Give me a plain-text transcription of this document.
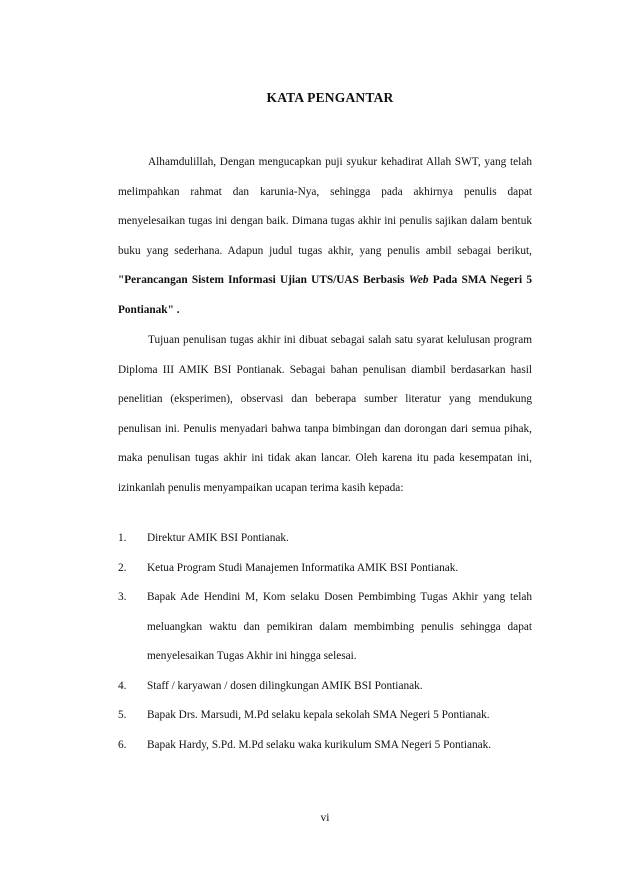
KATA PENGANTAR

Alhamdulillah, Dengan mengucapkan puji syukur kehadirat Allah SWT, yang telah melimpahkan rahmat dan karunia-Nya, sehingga pada akhirnya penulis dapat menyelesaikan tugas ini dengan baik. Dimana tugas akhir ini penulis sajikan dalam bentuk buku yang sederhana. Adapun judul tugas akhir, yang penulis ambil sebagai berikut, "Perancangan Sistem Informasi Ujian UTS/UAS Berbasis Web Pada SMA Negeri 5 Pontianak" .

Tujuan penulisan tugas akhir ini dibuat sebagai salah satu syarat kelulusan program Diploma III AMIK BSI Pontianak. Sebagai bahan penulisan diambil berdasarkan hasil penelitian (eksperimen), observasi dan beberapa sumber literatur yang mendukung penulisan ini. Penulis menyadari bahwa tanpa bimbingan dan dorongan dari semua pihak, maka penulisan tugas akhir ini tidak akan lancar. Oleh karena itu pada kesempatan ini, izinkanlah penulis menyampaikan ucapan terima kasih kepada:

1.	Direktur AMIK BSI Pontianak.
2.	Ketua Program Studi Manajemen Informatika AMIK BSI Pontianak.
3.	Bapak Ade Hendini M, Kom selaku Dosen Pembimbing Tugas Akhir yang telah meluangkan waktu dan pemikiran dalam membimbing penulis sehingga dapat menyelesaikan Tugas Akhir ini hingga selesai.
4.	Staff / karyawan / dosen dilingkungan AMIK BSI Pontianak.
5.	Bapak Drs. Marsudi, M.Pd selaku kepala sekolah SMA Negeri 5 Pontianak.
6.	Bapak Hardy, S.Pd. M.Pd selaku waka kurikulum SMA Negeri 5 Pontianak.
vi
